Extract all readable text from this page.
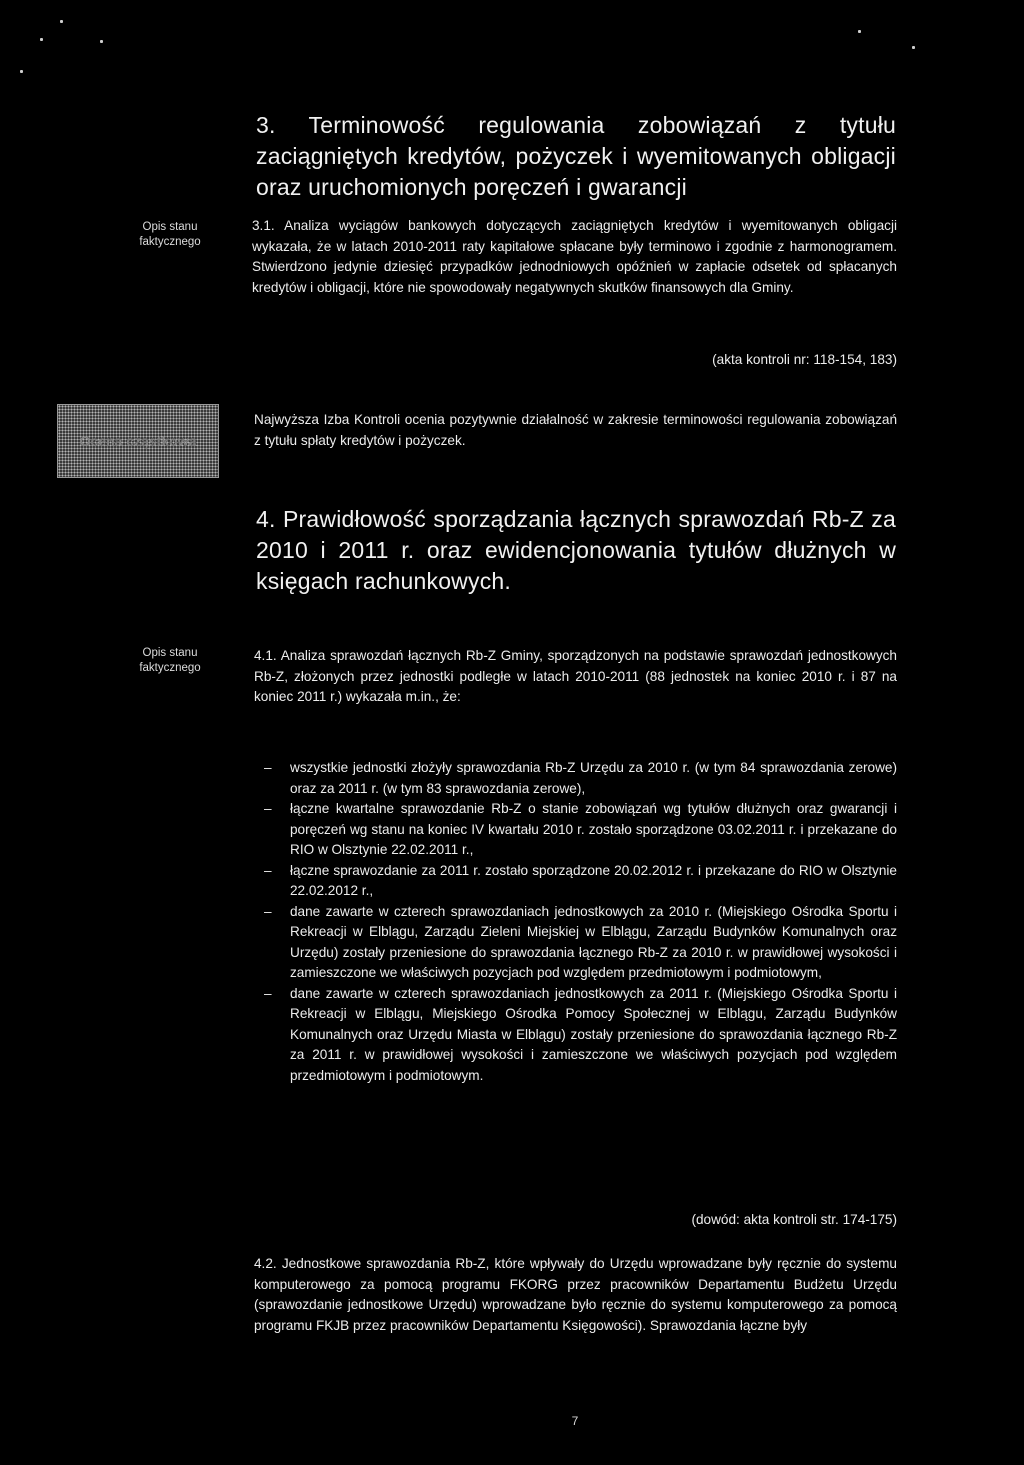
3. Terminowość regulowania zobowiązań z tytułu zaciągniętych kredytów, pożyczek i wyemitowanych obligacji oraz uruchomionych poręczeń i gwarancji
Opis stanu faktycznego
3.1. Analiza wyciągów bankowych dotyczących zaciągniętych kredytów i wyemitowanych obligacji wykazała, że w latach 2010-2011 raty kapitałowe spłacane były terminowo i zgodnie z harmonogramem. Stwierdzono jedynie dziesięć przypadków jednodniowych opóźnień w zapłacie odsetek od spłacanych kredytów i obligacji, które nie spowodowały negatywnych skutków finansowych dla Gminy.
(akta kontroli nr: 118-154, 183)
Ocena cząstkowa
Najwyższa Izba Kontroli ocenia pozytywnie działalność w zakresie terminowości regulowania zobowiązań z tytułu spłaty kredytów i pożyczek.
4. Prawidłowość sporządzania łącznych sprawozdań Rb-Z za 2010 i 2011 r. oraz ewidencjonowania tytułów dłużnych w księgach rachunkowych.
Opis stanu faktycznego
4.1. Analiza sprawozdań łącznych Rb-Z Gminy, sporządzonych na podstawie sprawozdań jednostkowych Rb-Z, złożonych przez jednostki podległe w latach 2010-2011 (88 jednostek na koniec 2010 r. i 87 na koniec 2011 r.) wykazała m.in., że:
– wszystkie jednostki złożyły sprawozdania Rb-Z Urzędu za 2010 r. (w tym 84 sprawozdania zerowe) oraz za 2011 r. (w tym 83 sprawozdania zerowe),
– łączne kwartalne sprawozdanie Rb-Z o stanie zobowiązań wg tytułów dłużnych oraz gwarancji i poręczeń wg stanu na koniec IV kwartału 2010 r. zostało sporządzone 03.02.2011 r. i przekazane do RIO w Olsztynie 22.02.2011 r.,
– łączne sprawozdanie za 2011 r. zostało sporządzone 20.02.2012 r. i przekazane do RIO w Olsztynie 22.02.2012 r.,
– dane zawarte w czterech sprawozdaniach jednostkowych za 2010 r. (Miejskiego Ośrodka Sportu i Rekreacji w Elblągu, Zarządu Zieleni Miejskiej w Elblągu, Zarządu Budynków Komunalnych oraz Urzędu) zostały przeniesione do sprawozdania łącznego Rb-Z za 2010 r. w prawidłowej wysokości i zamieszczone we właściwych pozycjach pod względem przedmiotowym i podmiotowym,
– dane zawarte w czterech sprawozdaniach jednostkowych za 2011 r. (Miejskiego Ośrodka Sportu i Rekreacji w Elblągu, Miejskiego Ośrodka Pomocy Społecznej w Elblągu, Zarządu Budynków Komunalnych oraz Urzędu Miasta w Elblągu) zostały przeniesione do sprawozdania łącznego Rb-Z za 2011 r. w prawidłowej wysokości i zamieszczone we właściwych pozycjach pod względem przedmiotowym i podmiotowym.
(dowód: akta kontroli str. 174-175)
4.2. Jednostkowe sprawozdania Rb-Z, które wpływały do Urzędu wprowadzane były ręcznie do systemu komputerowego za pomocą programu FKORG przez pracowników Departamentu Budżetu Urzędu (sprawozdanie jednostkowe Urzędu) wprowadzane było ręcznie do systemu komputerowego za pomocą programu FKJB przez pracowników Departamentu Księgowości). Sprawozdania łączne były
7
